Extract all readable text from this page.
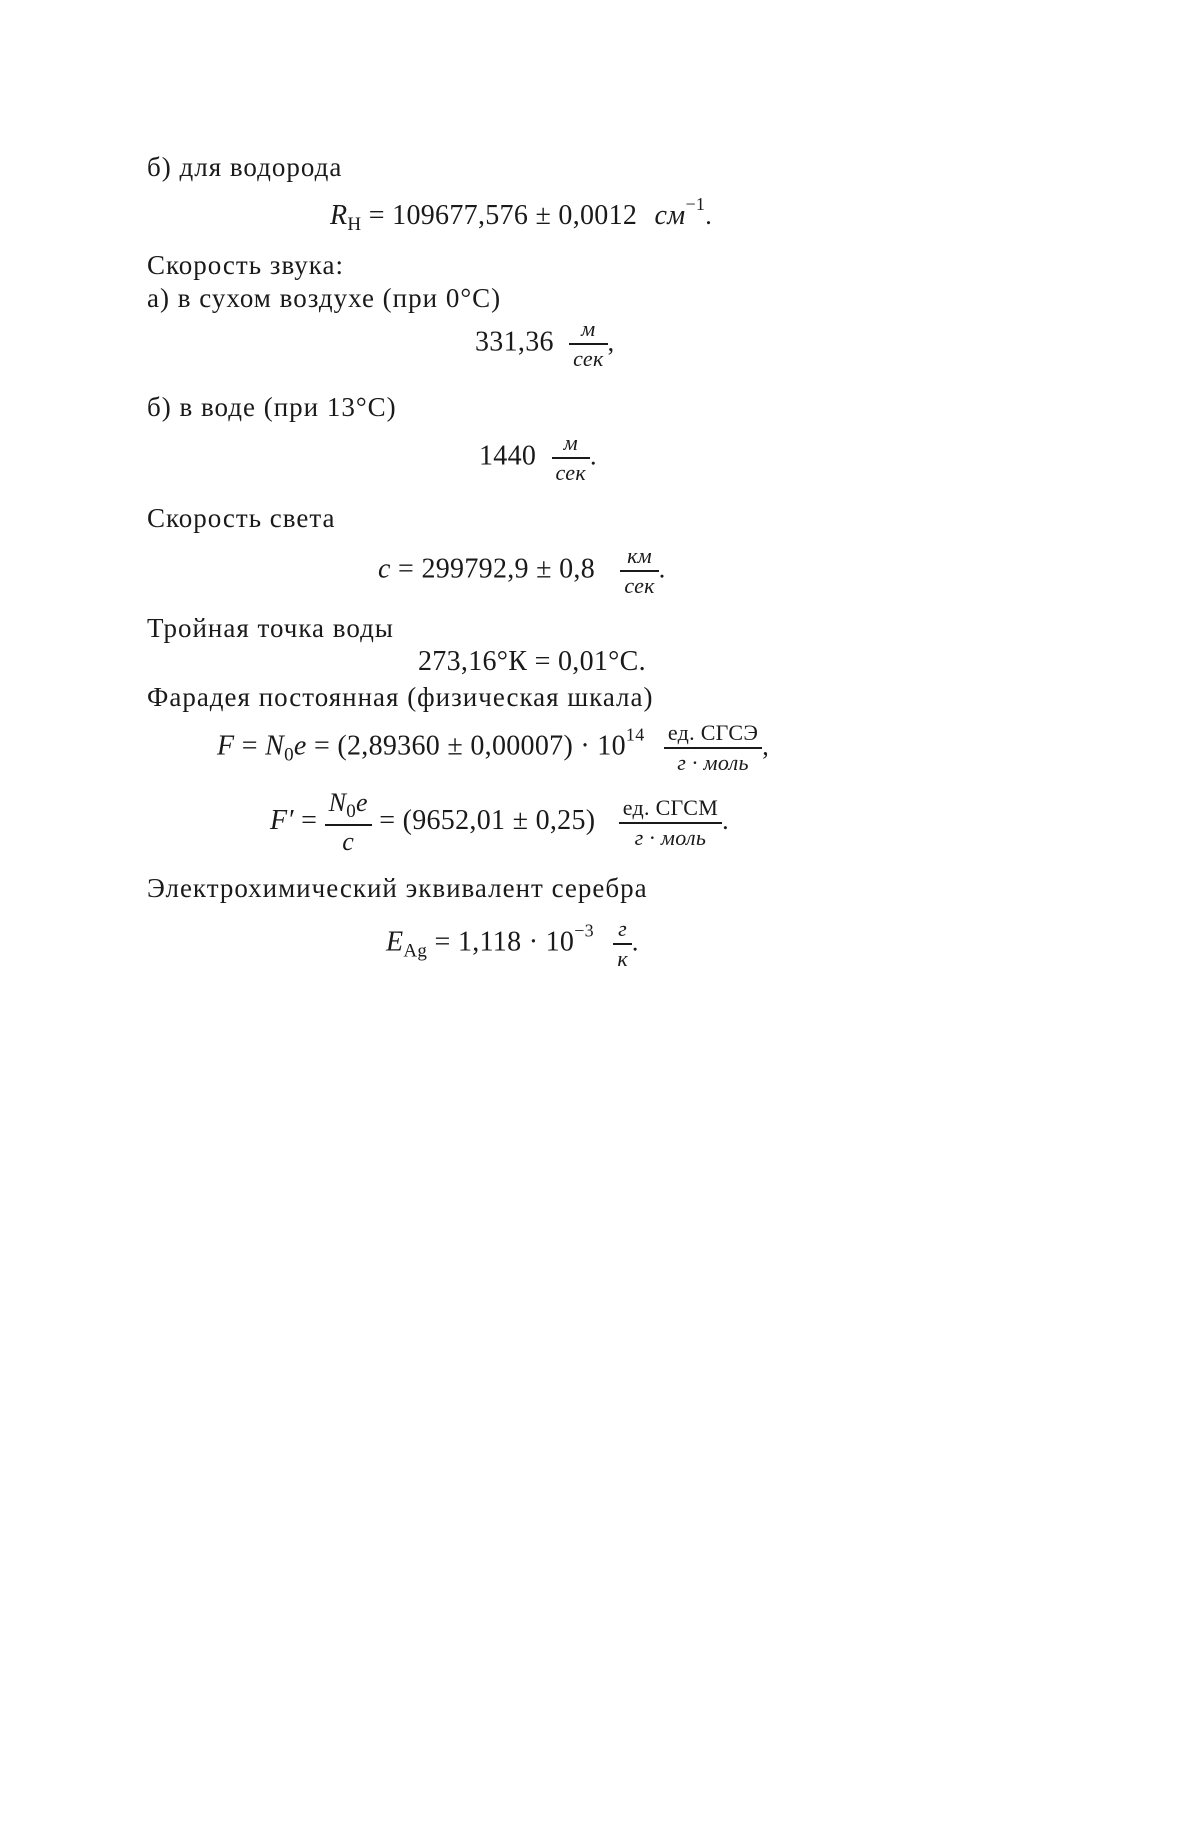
б) для водорода
$R_H = 109677,576 \pm 0,0012$ $см^{-1}$.
Скорость звука:
а) в сухом воздухе (при 0°С)
$331,36 \frac{м}{\text{сек}}$ ,
б) в воде (при 13°С)
$1440 \frac{м}{\text{сек}}$ .
Скорость света
$c = 299792,9 \pm 0,8 \frac{км}{\text{сек}}$ .
Тройная точка воды
273,16°К = 0,01°С.
Фарадея постоянная (физическая шкала)
$F = N_0e = (2,89360 \pm 0,00007) \cdot 10^{14} \frac{\text{ед. СГСЭ}}{\text{г · моль}}$ ,
$F' = \frac{N_0e}{c} = (9652,01 \pm 0,25) \frac{\text{ед. СГСМ}}{\text{г · моль}}$ .
Электрохимический эквивалент серебра
$E_{Ag} = 1,118 \cdot 10^{-3} \frac{г}{к}$ .
